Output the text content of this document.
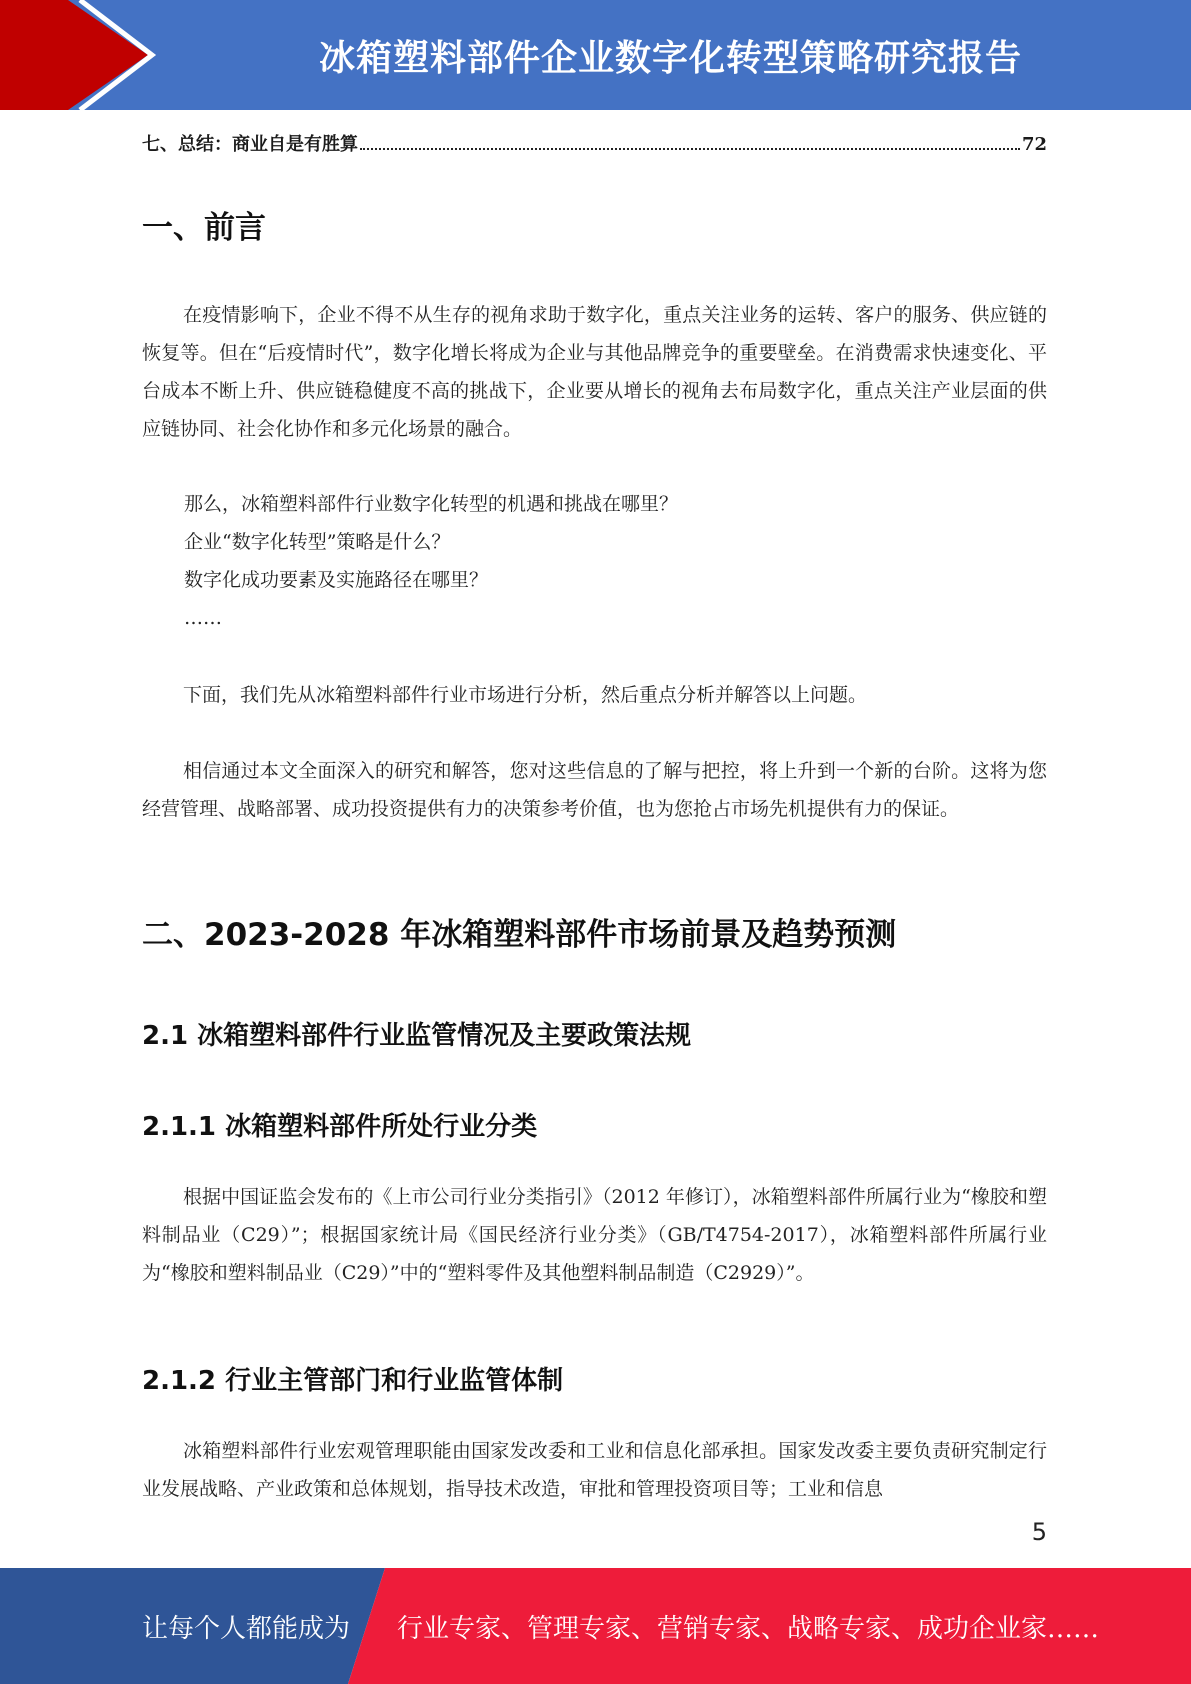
冰箱塑料部件企业数字化转型策略研究报告
七、总结：商业自是有胜算	72
一、前言

在疫情影响下，企业不得不从生存的视角求助于数字化，重点关注业务的运转、客户的服务、供应链的恢复等。但在“后疫情时代”，数字化增长将成为企业与其他品牌竞争的重要壁垒。在消费需求快速变化、平台成本不断上升、供应链稳健度不高的挑战下，企业要从增长的视角去布局数字化，重点关注产业层面的供应链协同、社会化协作和多元化场景的融合。

那么，冰箱塑料部件行业数字化转型的机遇和挑战在哪里？
企业“数字化转型”策略是什么？
数字化成功要素及实施路径在哪里？
……

下面，我们先从冰箱塑料部件行业市场进行分析，然后重点分析并解答以上问题。

相信通过本文全面深入的研究和解答，您对这些信息的了解与把控，将上升到一个新的台阶。这将为您经营管理、战略部署、成功投资提供有力的决策参考价值，也为您抢占市场先机提供有力的保证。

二、2023-2028 年冰箱塑料部件市场前景及趋势预测
2.1 冰箱塑料部件行业监管情况及主要政策法规
2.1.1 冰箱塑料部件所处行业分类

根据中国证监会发布的《上市公司行业分类指引》（2012 年修订），冰箱塑料部件所属行业为“橡胶和塑料制品业（C29）”；根据国家统计局《国民经济行业分类》（GB/T4754-2017），冰箱塑料部件所属行业为“橡胶和塑料制品业（C29）”中的“塑料零件及其他塑料制品制造（C2929）”。

2.1.2 行业主管部门和行业监管体制

冰箱塑料部件行业宏观管理职能由国家发改委和工业和信息化部承担。国家发改委主要负责研究制定行业发展战略、产业政策和总体规划，指导技术改造，审批和管理投资项目等；工业和信息

5
让每个人都能成为 行业专家、管理专家、营销专家、战略专家、成功企业家……
